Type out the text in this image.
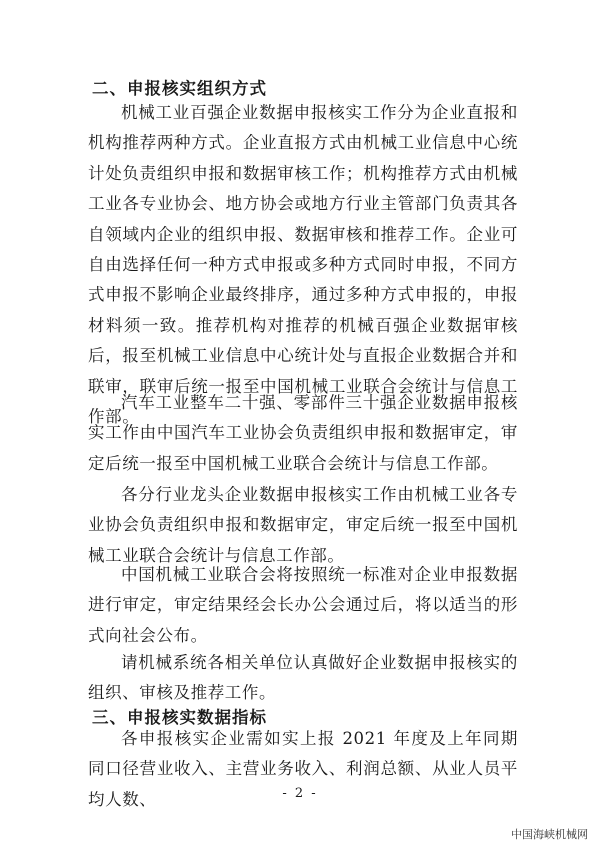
二、申报核实组织方式

机械工业百强企业数据申报核实工作分为企业直报和机构推荐两种方式。企业直报方式由机械工业信息中心统计处负责组织申报和数据审核工作；机构推荐方式由机械工业各专业协会、地方协会或地方行业主管部门负责其各自领域内企业的组织申报、数据审核和推荐工作。企业可自由选择任何一种方式申报或多种方式同时申报，不同方式申报不影响企业最终排序，通过多种方式申报的，申报材料须一致。推荐机构对推荐的机械百强企业数据审核后，报至机械工业信息中心统计处与直报企业数据合并和联审，联审后统一报至中国机械工业联合会统计与信息工作部。

汽车工业整车二十强、零部件三十强企业数据申报核实工作由中国汽车工业协会负责组织申报和数据审定，审定后统一报至中国机械工业联合会统计与信息工作部。

各分行业龙头企业数据申报核实工作由机械工业各专业协会负责组织申报和数据审定，审定后统一报至中国机械工业联合会统计与信息工作部。

中国机械工业联合会将按照统一标准对企业申报数据进行审定，审定结果经会长办公会通过后，将以适当的形式向社会公布。

请机械系统各相关单位认真做好企业数据申报核实的组织、审核及推荐工作。

三、申报核实数据指标

各申报核实企业需如实上报 2021 年度及上年同期同口径营业收入、主营业务收入、利润总额、从业人员平均人数、	- 2 -
中国海峡机械网
